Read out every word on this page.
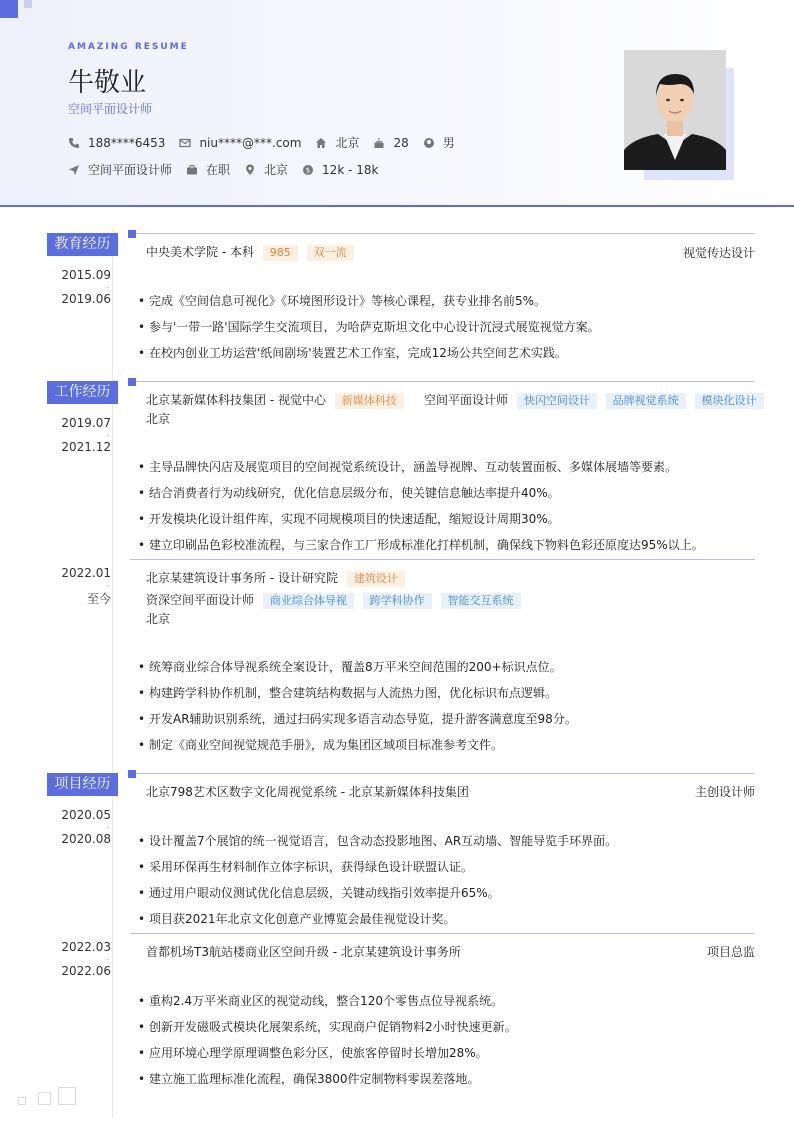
AMAZING RESUME
牛敬业
空间平面设计师
188****6453	niu****@***.com	北京	28	男
空间平面设计师	在职	北京	$ 12k - 18k
教育经历
2015.09
-
2019.06
中央美术学院 - 本科 985 双一流	视觉传达设计
• 完成《空间信息可视化》《环境图形设计》等核心课程，获专业排名前5%。
• 参与'一带一路'国际学生交流项目，为哈萨克斯坦文化中心设计沉浸式展览视觉方案。
• 在校内创业工坊运营'纸间剧场'装置艺术工作室，完成12场公共空间艺术实践。
工作经历
2019.07
-
2021.12
北京某新媒体科技集团 - 视觉中心 新媒体科技	空间平面设计师 快闪空间设计 品牌视觉系统 模块化设计
北京
• 主导品牌快闪店及展览项目的空间视觉系统设计，涵盖导视牌、互动装置面板、多媒体展墙等要素。
• 结合消费者行为动线研究，优化信息层级分布，使关键信息触达率提升40%。
• 开发模块化设计组件库，实现不同规模项目的快速适配，缩短设计周期30%。
• 建立印刷品色彩校准流程，与三家合作工厂形成标准化打样机制，确保线下物料色彩还原度达95%以上。
2022.01
-
至今
北京某建筑设计事务所 - 设计研究院 建筑设计
资深空间平面设计师 商业综合体导视 跨学科协作 智能交互系统
北京
• 统筹商业综合体导视系统全案设计，覆盖8万平米空间范围的200+标识点位。
• 构建跨学科协作机制，整合建筑结构数据与人流热力图，优化标识布点逻辑。
• 开发AR辅助识别系统，通过扫码实现多语言动态导览，提升游客满意度至98分。
• 制定《商业空间视觉规范手册》，成为集团区域项目标准参考文件。
项目经历
2020.05
-
2020.08
北京798艺术区数字文化周视觉系统 - 北京某新媒体科技集团	主创设计师
• 设计覆盖7个展馆的统一视觉语言，包含动态投影地图、AR互动墙、智能导览手环界面。
• 采用环保再生材料制作立体字标识，获得绿色设计联盟认证。
• 通过用户眼动仪测试优化信息层级，关键动线指引效率提升65%。
• 项目获2021年北京文化创意产业博览会最佳视觉设计奖。
2022.03
-
2022.06
首都机场T3航站楼商业区空间升级 - 北京某建筑设计事务所	项目总监
• 重构2.4万平米商业区的视觉动线，整合120个零售点位导视系统。
• 创新开发磁吸式模块化展架系统，实现商户促销物料2小时快速更新。
• 应用环境心理学原理调整色彩分区，使旅客停留时长增加28%。
• 建立施工监理标准化流程，确保3800件定制物料零误差落地。
